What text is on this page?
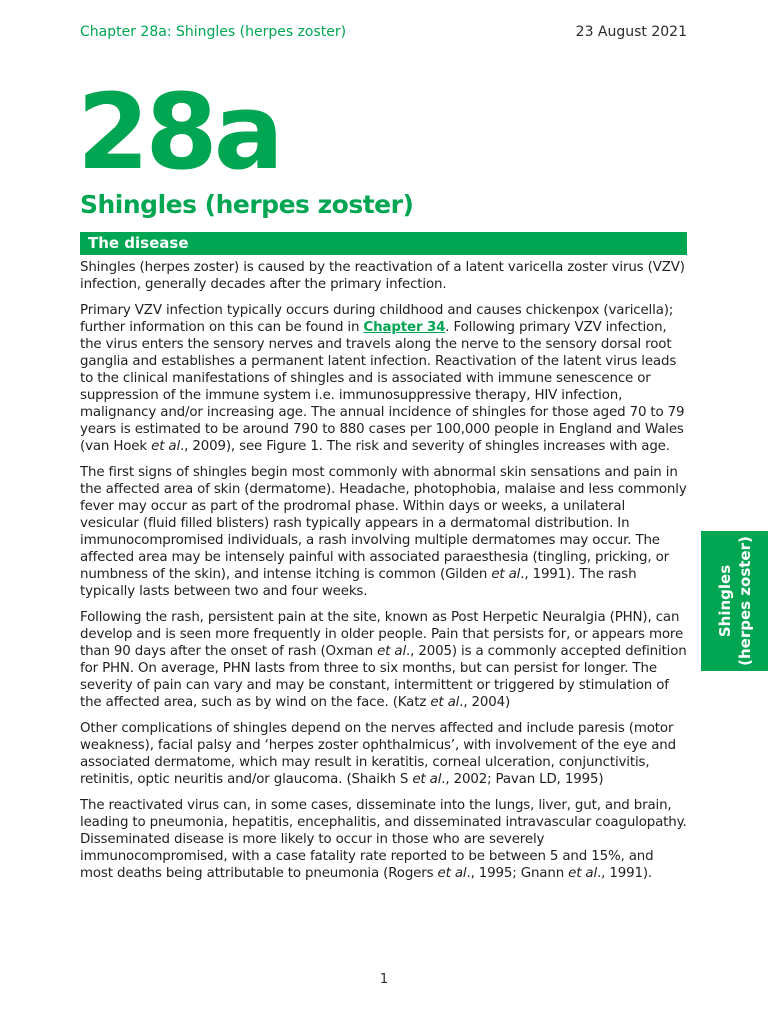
Chapter 28a: Shingles (herpes zoster)	23 August 2021
28a
Shingles (herpes zoster)
The disease

Shingles (herpes zoster) is caused by the reactivation of a latent varicella zoster virus (VZV) infection, generally decades after the primary infection.

Primary VZV infection typically occurs during childhood and causes chickenpox (varicella); further information on this can be found in Chapter 34. Following primary VZV infection, the virus enters the sensory nerves and travels along the nerve to the sensory dorsal root ganglia and establishes a permanent latent infection. Reactivation of the latent virus leads to the clinical manifestations of shingles and is associated with immune senescence or suppression of the immune system i.e. immunosuppressive therapy, HIV infection, malignancy and/or increasing age. The annual incidence of shingles for those aged 70 to 79 years is estimated to be around 790 to 880 cases per 100,000 people in England and Wales (van Hoek et al., 2009), see Figure 1. The risk and severity of shingles increases with age.

The first signs of shingles begin most commonly with abnormal skin sensations and pain in the affected area of skin (dermatome). Headache, photophobia, malaise and less commonly fever may occur as part of the prodromal phase. Within days or weeks, a unilateral vesicular (fluid filled blisters) rash typically appears in a dermatomal distribution. In immunocompromised individuals, a rash involving multiple dermatomes may occur. The affected area may be intensely painful with associated paraesthesia (tingling, pricking, or numbness of the skin), and intense itching is common (Gilden et al., 1991). The rash typically lasts between two and four weeks.

Following the rash, persistent pain at the site, known as Post Herpetic Neuralgia (PHN), can develop and is seen more frequently in older people. Pain that persists for, or appears more than 90 days after the onset of rash (Oxman et al., 2005) is a commonly accepted definition for PHN. On average, PHN lasts from three to six months, but can persist for longer. The severity of pain can vary and may be constant, intermittent or triggered by stimulation of the affected area, such as by wind on the face. (Katz et al., 2004)

Other complications of shingles depend on the nerves affected and include paresis (motor weakness), facial palsy and ‘herpes zoster ophthalmicus’, with involvement of the eye and associated dermatome, which may result in keratitis, corneal ulceration, conjunctivitis, retinitis, optic neuritis and/or glaucoma. (Shaikh S et al., 2002; Pavan LD, 1995)

The reactivated virus can, in some cases, disseminate into the lungs, liver, gut, and brain, leading to pneumonia, hepatitis, encephalitis, and disseminated intravascular coagulopathy. Disseminated disease is more likely to occur in those who are severely immunocompromised, with a case fatality rate reported to be between 5 and 15%, and most deaths being attributable to pneumonia (Rogers et al., 1995; Gnann et al., 1991).

Shingles (herpes zoster)
1
